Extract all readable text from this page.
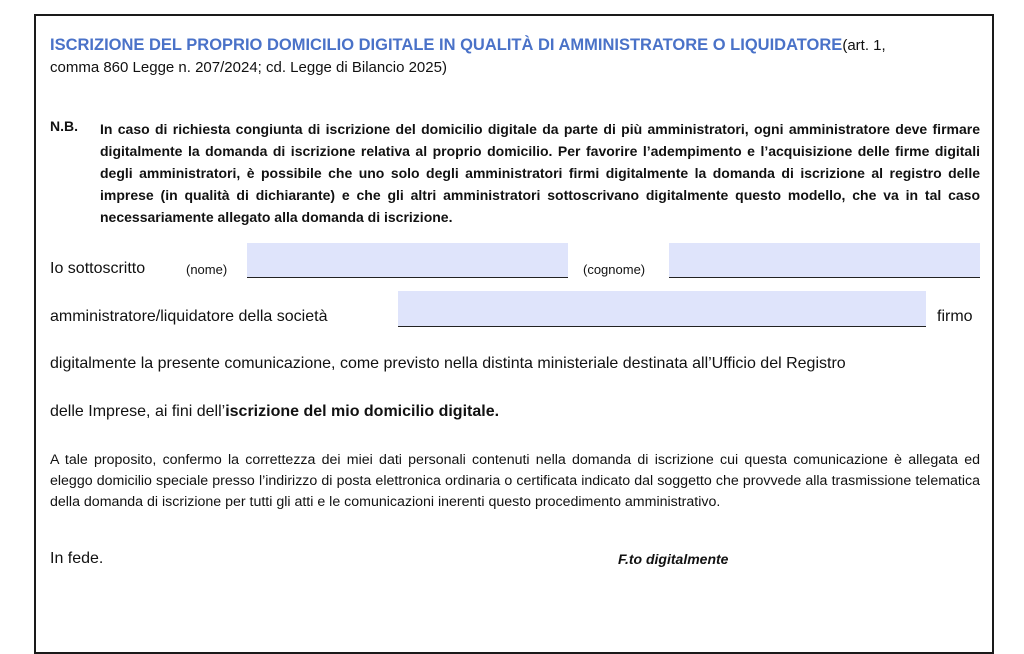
ISCRIZIONE DEL PROPRIO DOMICILIO DIGITALE IN QUALITÀ DI AMMINISTRATORE O LIQUIDATORE(art. 1,
comma 860 Legge n. 207/2024; cd. Legge di Bilancio 2025)
N.B. In caso di richiesta congiunta di iscrizione del domicilio digitale da parte di più amministratori, ogni amministratore deve firmare digitalmente la domanda di iscrizione relativa al proprio domicilio. Per favorire l’adempimento e l’acquisizione delle firme digitali degli amministratori, è possibile che uno solo degli amministratori firmi digitalmente la domanda di iscrizione al registro delle imprese (in qualità di dichiarante) e che gli altri amministratori sottoscrivano digitalmente questo modello, che va in tal caso necessariamente allegato alla domanda di iscrizione.
Io sottoscritto	(nome)	(cognome)
amministratore/liquidatore della società	firmo
digitalmente la presente comunicazione, come previsto nella distinta ministeriale destinata all’Ufficio del Registro
delle Imprese, ai fini dell’iscrizione del mio domicilio digitale.
A tale proposito, confermo la correttezza dei miei dati personali contenuti nella domanda di iscrizione cui questa comunicazione è allegata ed eleggo domicilio speciale presso l’indirizzo di posta elettronica ordinaria o certificata indicato dal soggetto che provvede alla trasmissione telematica della domanda di iscrizione per tutti gli atti e le comunicazioni inerenti questo procedimento amministrativo.
In fede.	F.to digitalmente
